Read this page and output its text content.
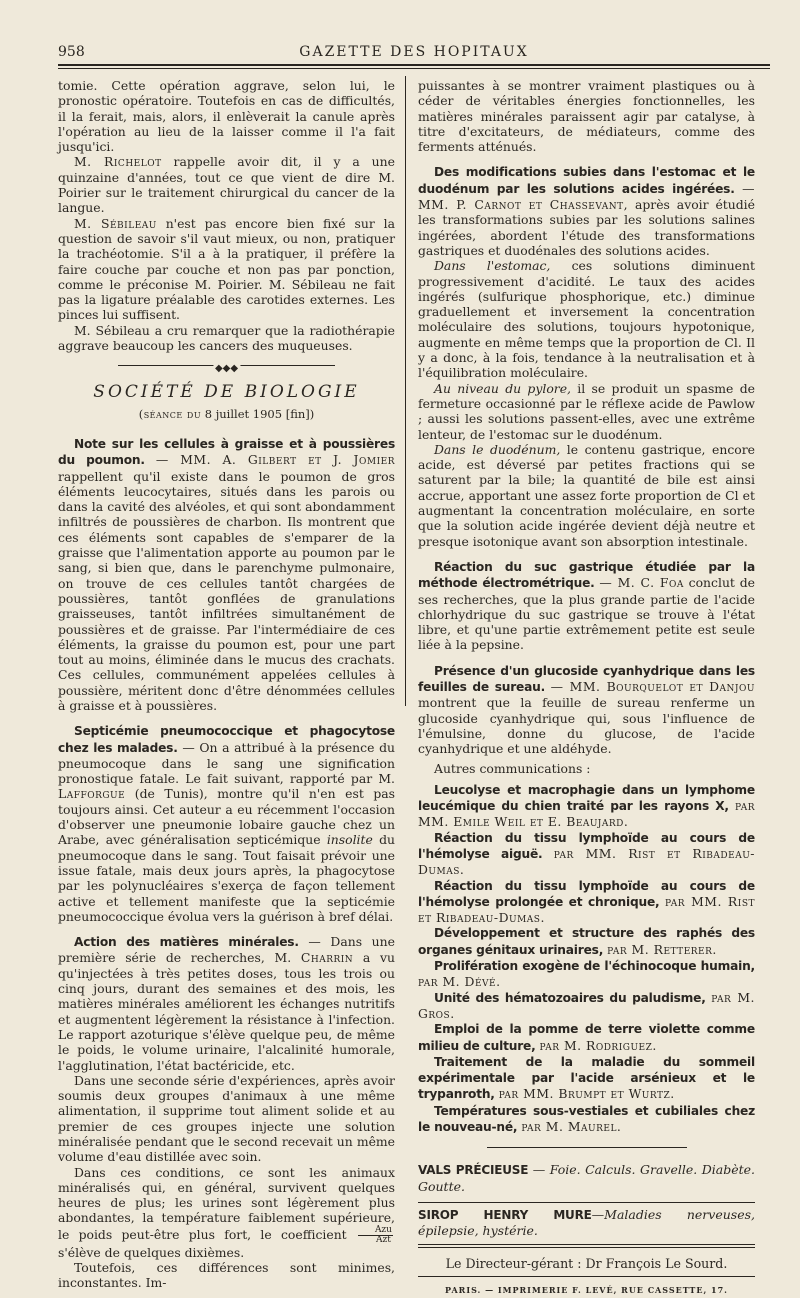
958	GAZETTE DES HOPITAUX

tomie. Cette opération aggrave, selon lui, le pronostic opératoire. Toutefois en cas de difficultés, il la ferait, mais, alors, il enlèverait la canule après l'opération au lieu de la laisser comme il l'a fait jusqu'ici.

M. Richelot rappelle avoir dit, il y a une quinzaine d'années, tout ce que vient de dire M. Poirier sur le traitement chirurgical du cancer de la langue.

M. Sébileau n'est pas encore bien fixé sur la question de savoir s'il vaut mieux, ou non, pratiquer la trachéotomie. S'il a à la pratiquer, il préfère la faire couche par couche et non pas par ponction, comme le préconise M. Poirier. M. Sébileau ne fait pas la ligature préalable des carotides externes. Les pinces lui suffisent.

M. Sébileau a cru remarquer que la radiothérapie aggrave beaucoup les cancers des muqueuses.

◆◆◆
SOCIÉTÉ DE BIOLOGIE
(séance du 8 juillet 1905 [fin])

Note sur les cellules à graisse et à poussières du poumon. — MM. A. Gilbert et J. Jomier rappellent qu'il existe dans le poumon de gros éléments leucocytaires, situés dans les parois ou dans la cavité des alvéoles, et qui sont abondamment infiltrés de poussières de charbon. Ils montrent que ces éléments sont capables de s'emparer de la graisse que l'alimentation apporte au poumon par le sang, si bien que, dans le parenchyme pulmonaire, on trouve de ces cellules tantôt chargées de poussières, tantôt gonflées de granulations graisseuses, tantôt infiltrées simultanément de poussières et de graisse. Par l'intermédiaire de ces éléments, la graisse du poumon est, pour une part tout au moins, éliminée dans le mucus des crachats. Ces cellules, communément appelées cellules à poussière, méritent donc d'être dénommées cellules à graisse et à poussières.

Septicémie pneumococcique et phagocytose chez les malades. — On a attribué à la présence du pneumocoque dans le sang une signification pronostique fatale. Le fait suivant, rapporté par M. Lafforgue (de Tunis), montre qu'il n'en est pas toujours ainsi. Cet auteur a eu récemment l'occasion d'observer une pneumonie lobaire gauche chez un Arabe, avec généralisation septicémique insolite du pneumocoque dans le sang. Tout faisait prévoir une issue fatale, mais deux jours après, la phagocytose par les polynucléaires s'exerça de façon tellement active et tellement manifeste que la septicémie pneumococcique évolua vers la guérison à bref délai.

Action des matières minérales. — Dans une première série de recherches, M. Charrin a vu qu'injectées à très petites doses, tous les trois ou cinq jours, durant des semaines et des mois, les matières minérales améliorent les échanges nutritifs et augmentent légèrement la résistance à l'infection. Le rapport azoturique s'élève quelque peu, de même le poids, le volume urinaire, l'alcalinité humorale, l'agglutination, l'état bactéricide, etc.

Dans une seconde série d'expériences, après avoir soumis deux groupes d'animaux à une même alimentation, il supprime tout aliment solide et au premier de ces groupes injecte une solution minéralisée pendant que le second recevait un même volume d'eau distillée avec soin.

Dans ces conditions, ce sont les animaux minéralisés qui, en général, survivent quelques heures de plus; les urines sont légèrement plus abondantes, la température faiblement supérieure, le poids peut-être plus fort, le coefficient $\frac{\text{Azu}}{\text{Azt}}$
s'élève de quelques dixièmes.

Toutefois, ces différences sont minimes, inconstantes. Im-

puissantes à se montrer vraiment plastiques ou à céder de véritables énergies fonctionnelles, les matières minérales paraissent agir par catalyse, à titre d'excitateurs, de médiateurs, comme des ferments atténués.

Des modifications subies dans l'estomac et le duodénum par les solutions acides ingérées. — MM. P. Carnot et Chassevant, après avoir étudié les transformations subies par les solutions salines ingérées, abordent l'étude des transformations gastriques et duodénales des solutions acides.

Dans l'estomac, ces solutions diminuent progressivement d'acidité. Le taux des acides ingérés (sulfurique phosphorique, etc.) diminue graduellement et inversement la concentration moléculaire des solutions, toujours hypotonique, augmente en même temps que la proportion de Cl. Il y a donc, à la fois, tendance à la neutralisation et à l'équilibration moléculaire.

Au niveau du pylore, il se produit un spasme de fermeture occasionné par le réflexe acide de Pawlow ; aussi les solutions passent-elles, avec une extrême lenteur, de l'estomac sur le duodénum.

Dans le duodénum, le contenu gastrique, encore acide, est déversé par petites fractions qui se saturent par la bile; la quantité de bile est ainsi accrue, apportant une assez forte proportion de Cl et augmentant la concentration moléculaire, en sorte que la solution acide ingérée devient déjà neutre et presque isotonique avant son absorption intestinale.

Réaction du suc gastrique étudiée par la méthode électrométrique. — M. C. Foa conclut de ses recherches, que la plus grande partie de l'acide chlorhydrique du suc gastrique se trouve à l'état libre, et qu'une partie extrêmement petite est seule liée à la pepsine.

Présence d'un glucoside cyanhydrique dans les feuilles de sureau. — MM. Bourquelot et Danjou montrent que la feuille de sureau renferme un glucoside cyanhydrique qui, sous l'influence de l'émulsine, donne du glucose, de l'acide cyanhydrique et une aldéhyde.

Autres communications :

Leucolyse et macrophagie dans un lymphome leucémique du chien traité par les rayons X, par MM. Emile Weil et E. Beaujard.

Réaction du tissu lymphoïde au cours de l'hémolyse aiguë. par MM. Rist et Ribadeau-Dumas.

Réaction du tissu lymphoïde au cours de l'hémolyse prolongée et chronique, par MM. Rist et Ribadeau-Dumas.

Développement et structure des raphés des organes génitaux urinaires, par M. Retterer.

Prolifération exogène de l'échinocoque humain, par M. Dévé.

Unité des hématozoaires du paludisme, par M. Gros.

Emploi de la pomme de terre violette comme milieu de culture, par M. Rodriguez.

Traitement de la maladie du sommeil expérimentale par l'acide arsénieux et le trypanroth, par MM. Brumpt et Wurtz.

Températures sous-vestiales et cubiliales chez le nouveau-né, par M. Maurel.

VALS PRÉCIEUSE — Foie. Calculs. Gravelle. Diabète. Goutte.

SIROP HENRY MURE—Maladies nerveuses, épilepsie, hystérie.

Le Directeur-gérant : Dr François Le Sourd.

PARIS. — IMPRIMERIE F. LEVÉ, RUE CASSETTE, 17.
